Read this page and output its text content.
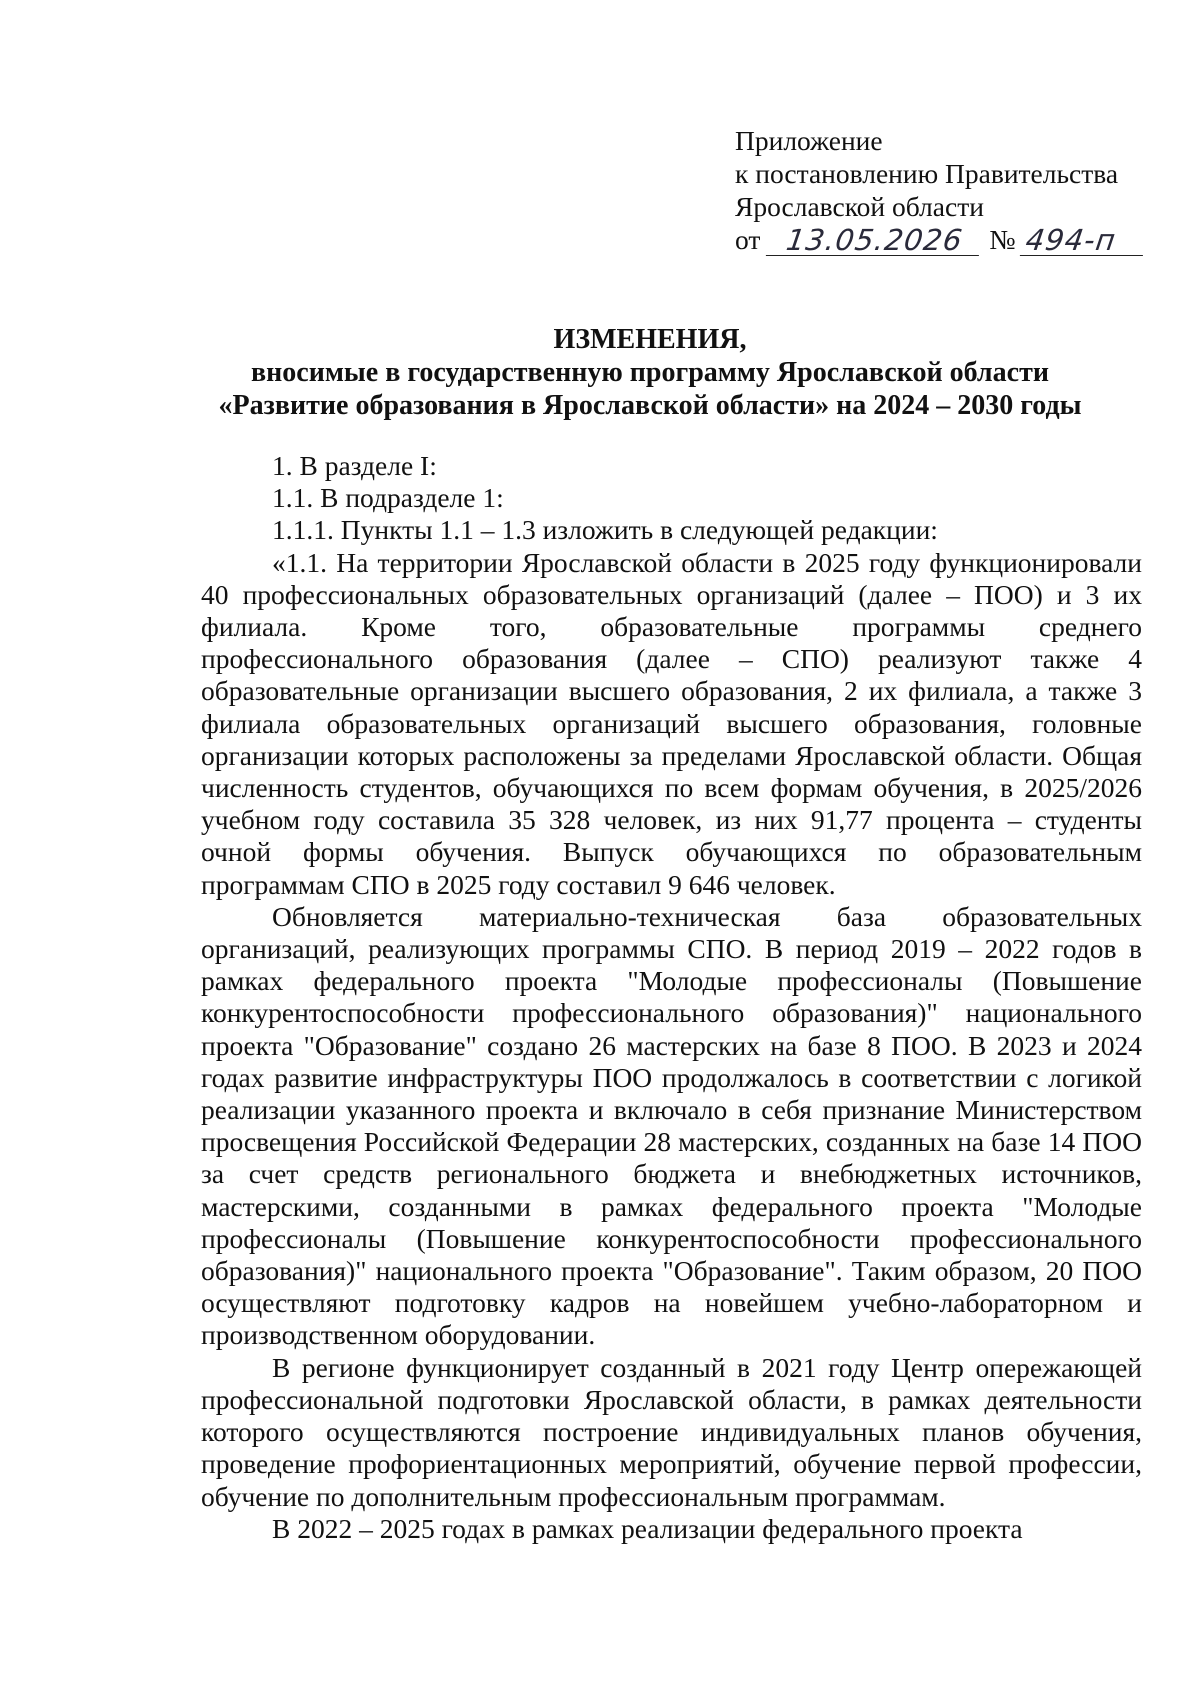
Приложение
к постановлению Правительства
Ярославской области
от 13.05.2026 № 494-п
ИЗМЕНЕНИЯ,
вносимые в государственную программу Ярославской области
«Развитие образования в Ярославской области» на 2024 – 2030 годы

1. В разделе I:

1.1. В подразделе 1:

1.1.1. Пункты 1.1 – 1.3 изложить в следующей редакции:

«1.1. На территории Ярославской области в 2025 году функционировали 40 профессиональных образовательных организаций (далее – ПОО) и 3 их филиала. Кроме того, образовательные программы среднего профессионального образования (далее – СПО) реализуют также 4 образовательные организации высшего образования, 2 их филиала, а также 3 филиала образовательных организаций высшего образования, головные организации которых расположены за пределами Ярославской области. Общая численность студентов, обучающихся по всем формам обучения, в 2025/2026 учебном году составила 35 328 человек, из них 91,77 процента – студенты очной формы обучения. Выпуск обучающихся по образовательным программам СПО в 2025 году составил 9 646 человек.

Обновляется материально-техническая база образовательных организаций, реализующих программы СПО. В период 2019 – 2022 годов в рамках федерального проекта "Молодые профессионалы (Повышение конкурентоспособности профессионального образования)" национального проекта "Образование" создано 26 мастерских на базе 8 ПОО. В 2023 и 2024 годах развитие инфраструктуры ПОО продолжалось в соответствии с логикой реализации указанного проекта и включало в себя признание Министерством просвещения Российской Федерации 28 мастерских, созданных на базе 14 ПОО за счет средств регионального бюджета и внебюджетных источников, мастерскими, созданными в рамках федерального проекта "Молодые профессионалы (Повышение конкурентоспособности профессионального образования)" национального проекта "Образование". Таким образом, 20 ПОО осуществляют подготовку кадров на новейшем учебно-лабораторном и производственном оборудовании.

В регионе функционирует созданный в 2021 году Центр опережающей профессиональной подготовки Ярославской области, в рамках деятельности которого осуществляются построение индивидуальных планов обучения, проведение профориентационных мероприятий, обучение первой профессии, обучение по дополнительным профессиональным программам.

В 2022 – 2025 годах в рамках реализации федерального проекта
